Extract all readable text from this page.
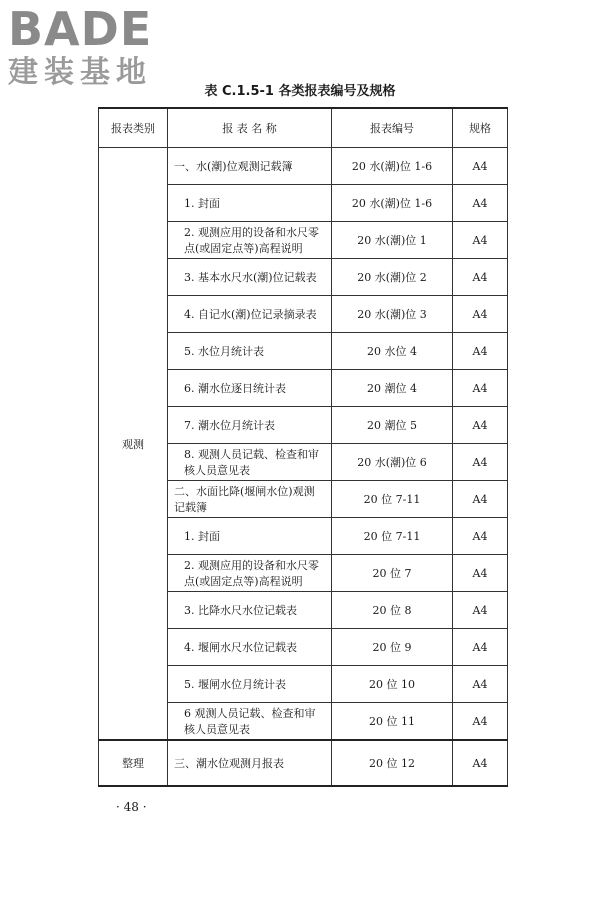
BADE
建装基地
表 C.1.5-1 各类报表编号及规格
报表类别	报 表 名 称	报表编号	规格
观测	一、水(潮)位观测记载簿	20 水(潮)位 1-6	A4
	1. 封面	20 水(潮)位 1-6	A4
	2. 观测应用的设备和水尺零点(或固定点等)高程说明	20 水(潮)位 1	A4
	3. 基本水尺水(潮)位记载表	20 水(潮)位 2	A4
	4. 自记水(潮)位记录摘录表	20 水(潮)位 3	A4
	5. 水位月统计表	20 水位 4	A4
	6. 潮水位逐日统计表	20 潮位 4	A4
	7. 潮水位月统计表	20 潮位 5	A4
	8. 观测人员记载、检查和审核人员意见表	20 水(潮)位 6	A4
	二、水面比降(堰闸水位)观测记载簿	20 位 7-11	A4
	1. 封面	20 位 7-11	A4
	2. 观测应用的设备和水尺零点(或固定点等)高程说明	20 位 7	A4
	3. 比降水尺水位记载表	20 位 8	A4
	4. 堰闸水尺水位记载表	20 位 9	A4
	5. 堰闸水位月统计表	20 位 10	A4
	6 观测人员记载、检查和审核人员意见表	20 位 11	A4
整理	三、潮水位观测月报表	20 位 12	A4
· 48 ·
